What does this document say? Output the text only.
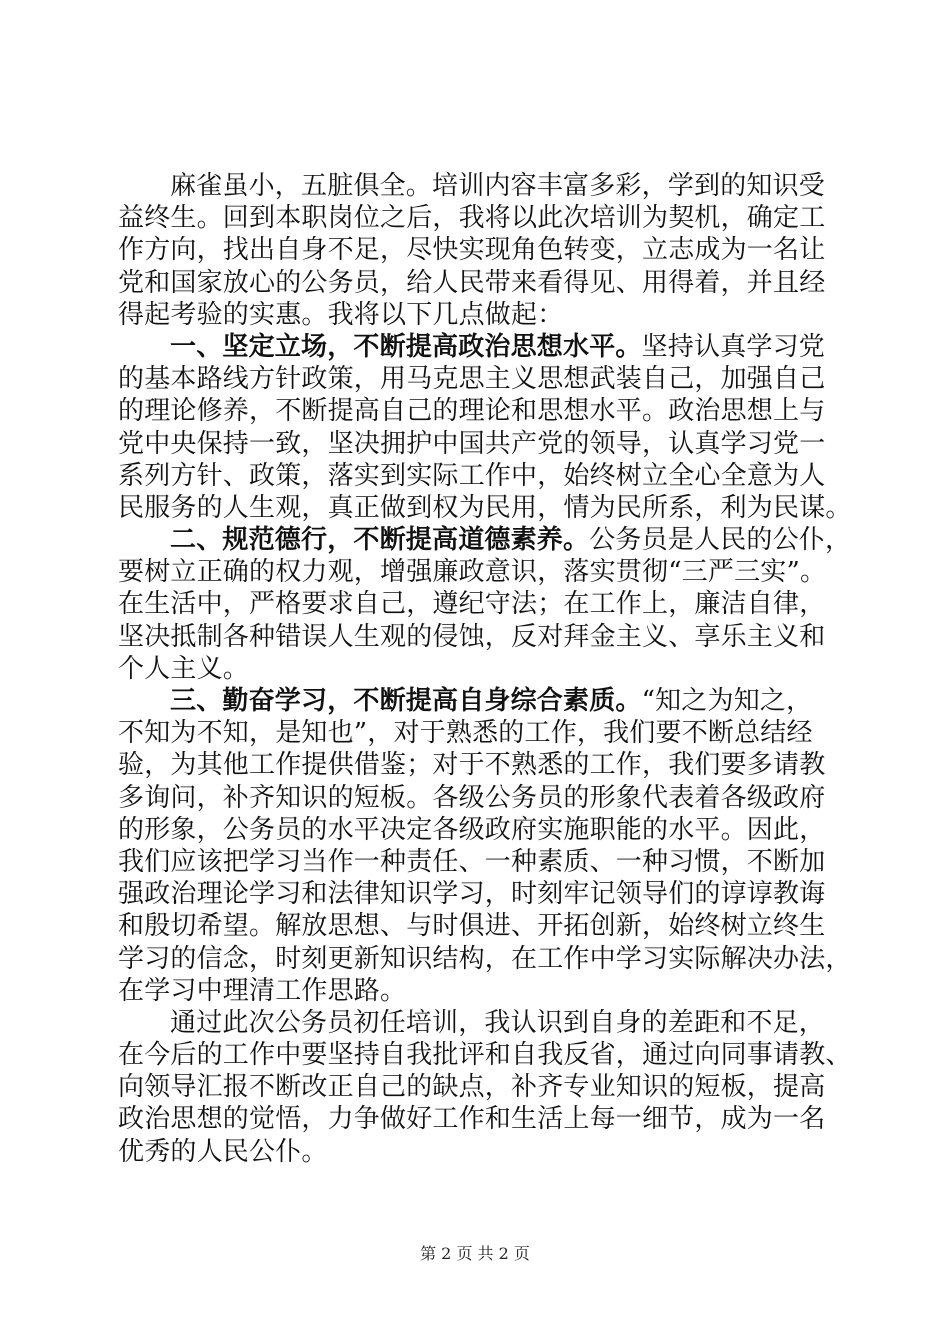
麻雀虽小，五脏俱全。培训内容丰富多彩，学到的知识受
益终生。回到本职岗位之后，我将以此次培训为契机，确定工
作方向，找出自身不足，尽快实现角色转变，立志成为一名让
党和国家放心的公务员，给人民带来看得见、用得着，并且经
得起考验的实惠。我将以下几点做起：
一、坚定立场，不断提高政治思想水平。坚持认真学习党
的基本路线方针政策，用马克思主义思想武装自己，加强自己
的理论修养，不断提高自己的理论和思想水平。政治思想上与
党中央保持一致，坚决拥护中国共产党的领导，认真学习党一
系列方针、政策，落实到实际工作中，始终树立全心全意为人
民服务的人生观，真正做到权为民用，情为民所系，利为民谋。
二、规范德行，不断提高道德素养。公务员是人民的公仆，
要树立正确的权力观，增强廉政意识，落实贯彻“三严三实”。
在生活中，严格要求自己，遵纪守法；在工作上，廉洁自律，
坚决抵制各种错误人生观的侵蚀，反对拜金主义、享乐主义和
个人主义。
三、勤奋学习，不断提高自身综合素质。“知之为知之，
不知为不知，是知也”，对于熟悉的工作，我们要不断总结经
验，为其他工作提供借鉴；对于不熟悉的工作，我们要多请教
多询问，补齐知识的短板。各级公务员的形象代表着各级政府
的形象，公务员的水平决定各级政府实施职能的水平。因此，
我们应该把学习当作一种责任、一种素质、一种习惯，不断加
强政治理论学习和法律知识学习，时刻牢记领导们的谆谆教诲
和殷切希望。解放思想、与时俱进、开拓创新，始终树立终生
学习的信念，时刻更新知识结构，在工作中学习实际解决办法，
在学习中理清工作思路。
通过此次公务员初任培训，我认识到自身的差距和不足，
在今后的工作中要坚持自我批评和自我反省，通过向同事请教、
向领导汇报不断改正自己的缺点，补齐专业知识的短板，提高
政治思想的觉悟，力争做好工作和生活上每一细节，成为一名
优秀的人民公仆。
第 2 页 共 2 页
